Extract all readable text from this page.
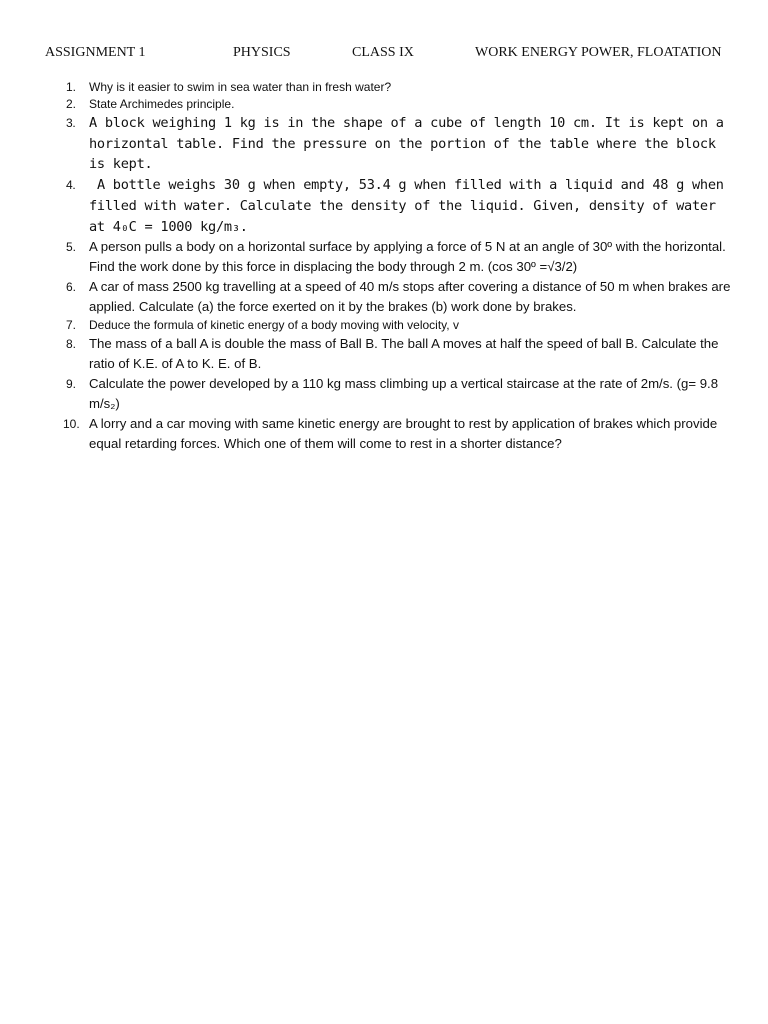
ASSIGNMENT 1	PHYSICS	CLASS IX	WORK ENERGY POWER, FLOATATION
1. Why is it easier to swim in sea water than in fresh water?
2. State Archimedes principle.
3. A block weighing 1 kg is in the shape of a cube of length 10 cm. It is kept on a horizontal table. Find the pressure on the portion of the table where the block is kept.
4. A bottle weighs 30 g when empty, 53.4 g when filled with a liquid and 48 g when filled with water. Calculate the density of the liquid. Given, density of water at 4₀C = 1000 kg/m₃.
5. A person pulls a body on a horizontal surface by applying a force of 5 N at an angle of 30º with the horizontal. Find the work done by this force in displacing the body through 2 m. (cos 30º =√3/2)
6. A car of mass 2500 kg travelling at a speed of 40 m/s stops after covering a distance of 50 m when brakes are applied. Calculate (a) the force exerted on it by the brakes (b) work done by brakes.
7. Deduce the formula of kinetic energy of a body moving with velocity, v
8. The mass of a ball A is double the mass of Ball B. The ball A moves at half the speed of ball B. Calculate the ratio of K.E. of A to K. E. of B.
9. Calculate the power developed by a 110 kg mass climbing up a vertical staircase at the rate of 2m/s. (g= 9.8 m/s₂)
10. A lorry and a car moving with same kinetic energy are brought to rest by application of brakes which provide equal retarding forces. Which one of them will come to rest in a shorter distance?
